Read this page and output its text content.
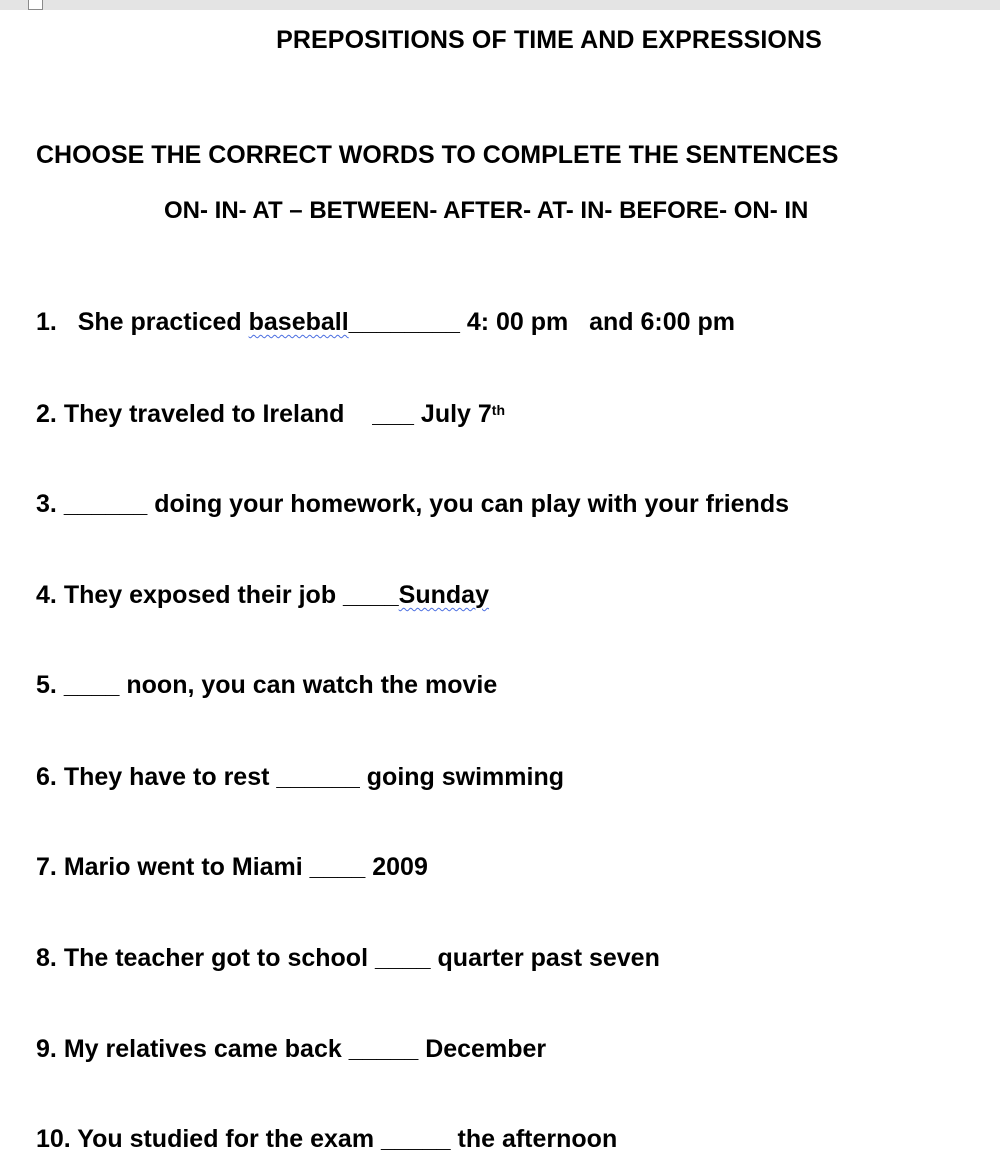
PREPOSITIONS OF TIME AND EXPRESSIONS
CHOOSE THE CORRECT WORDS TO COMPLETE THE SENTENCES
ON- IN- AT – BETWEEN- AFTER- AT- IN- BEFORE- ON- IN
1. She practiced baseball________ 4: 00 pm   and 6:00 pm
2. They traveled to Ireland    ___ July 7th
3. ______ doing your homework, you can play with your friends
4. They exposed their job ____Sunday
5. ____ noon, you can watch the movie
6. They have to rest ______ going swimming
7. Mario went to Miami ____ 2009
8. The teacher got to school ____ quarter past seven
9. My relatives came back _____ December
10. You studied for the exam _____ the afternoon
